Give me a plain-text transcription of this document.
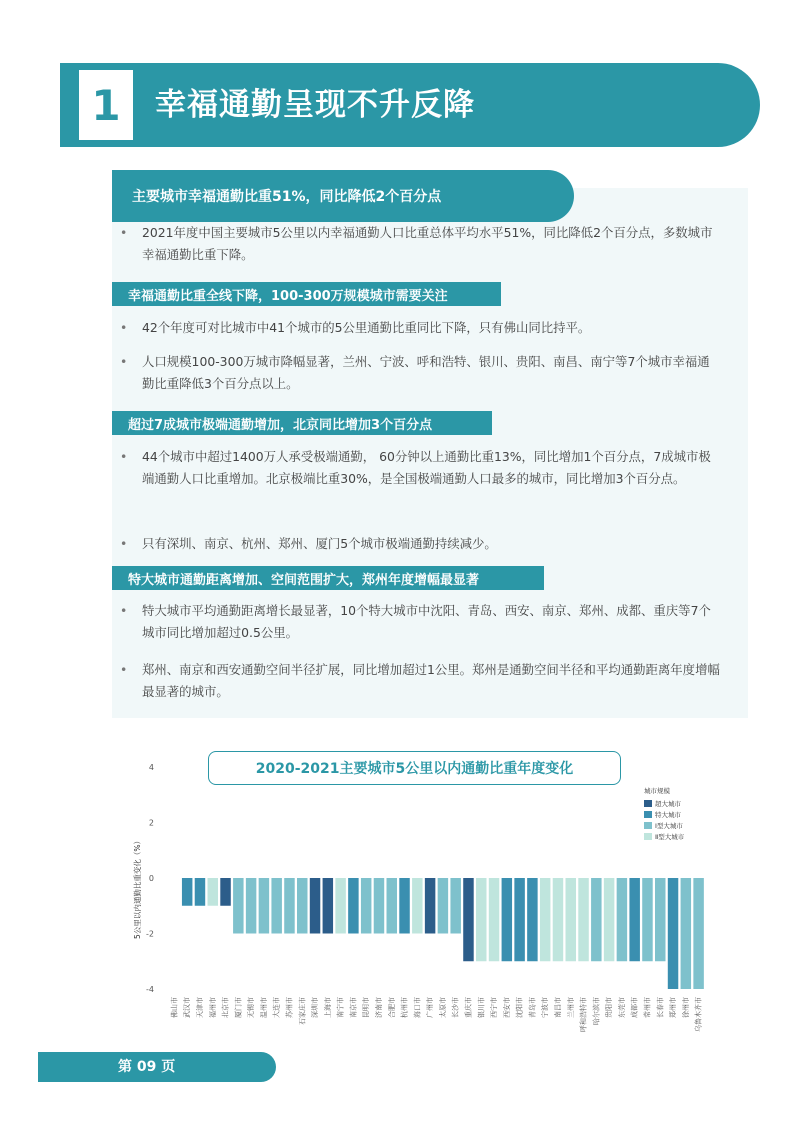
1 幸福通勤呈现不升反降
主要城市幸福通勤比重51%，同比降低2个百分点
•	2021年度中国主要城市5公里以内幸福通勤人口比重总体平均水平51%，同比降低2个百分点，多数城市幸福通勤比重下降。
幸福通勤比重全线下降，100-300万规模城市需要关注
•	42个年度可对比城市中41个城市的5公里通勤比重同比下降，只有佛山同比持平。
•	人口规模100-300万城市降幅显著，兰州、宁波、呼和浩特、银川、贵阳、南昌、南宁等7个城市幸福通勤比重降低3个百分点以上。
超过7成城市极端通勤增加，北京同比增加3个百分点
•	44个城市中超过1400万人承受极端通勤， 60分钟以上通勤比重13%，同比增加1个百分点，7成城市极端通勤人口比重增加。北京极端比重30%，是全国极端通勤人口最多的城市，同比增加3个百分点。
•	只有深圳、南京、杭州、郑州、厦门5个城市极端通勤持续减少。
特大城市通勤距离增加、空间范围扩大，郑州年度增幅最显著
•	特大城市平均通勤距离增长最显著，10个特大城市中沈阳、青岛、西安、南京、郑州、成都、重庆等7个城市同比增加超过0.5公里。
•	郑州、南京和西安通勤空间半径扩展，同比增加超过1公里。郑州是通勤空间半径和平均通勤距离年度增幅最显著的城市。
4
2
0
-2
-4
5公里以内通勤比重变化（%）
佛山市 武汉市 天津市 福州市 北京市 厦门市 无锡市 温州市 大连市 苏州市 石家庄市 深圳市 上海市 南宁市 南京市 昆明市 济南市 合肥市 杭州市 海口市 广州市 太原市 长沙市 重庆市 银川市 西宁市 西安市 沈阳市 青岛市 宁波市 南昌市 兰州市 呼和浩特市 哈尔滨市 贵阳市 东莞市 成都市 常州市 长春市 郑州市 徐州市 乌鲁木齐市
城市规模
超大城市
特大城市
Ⅰ型大城市
Ⅱ型大城市
2020-2021主要城市5公里以内通勤比重年度变化
第 09 页
